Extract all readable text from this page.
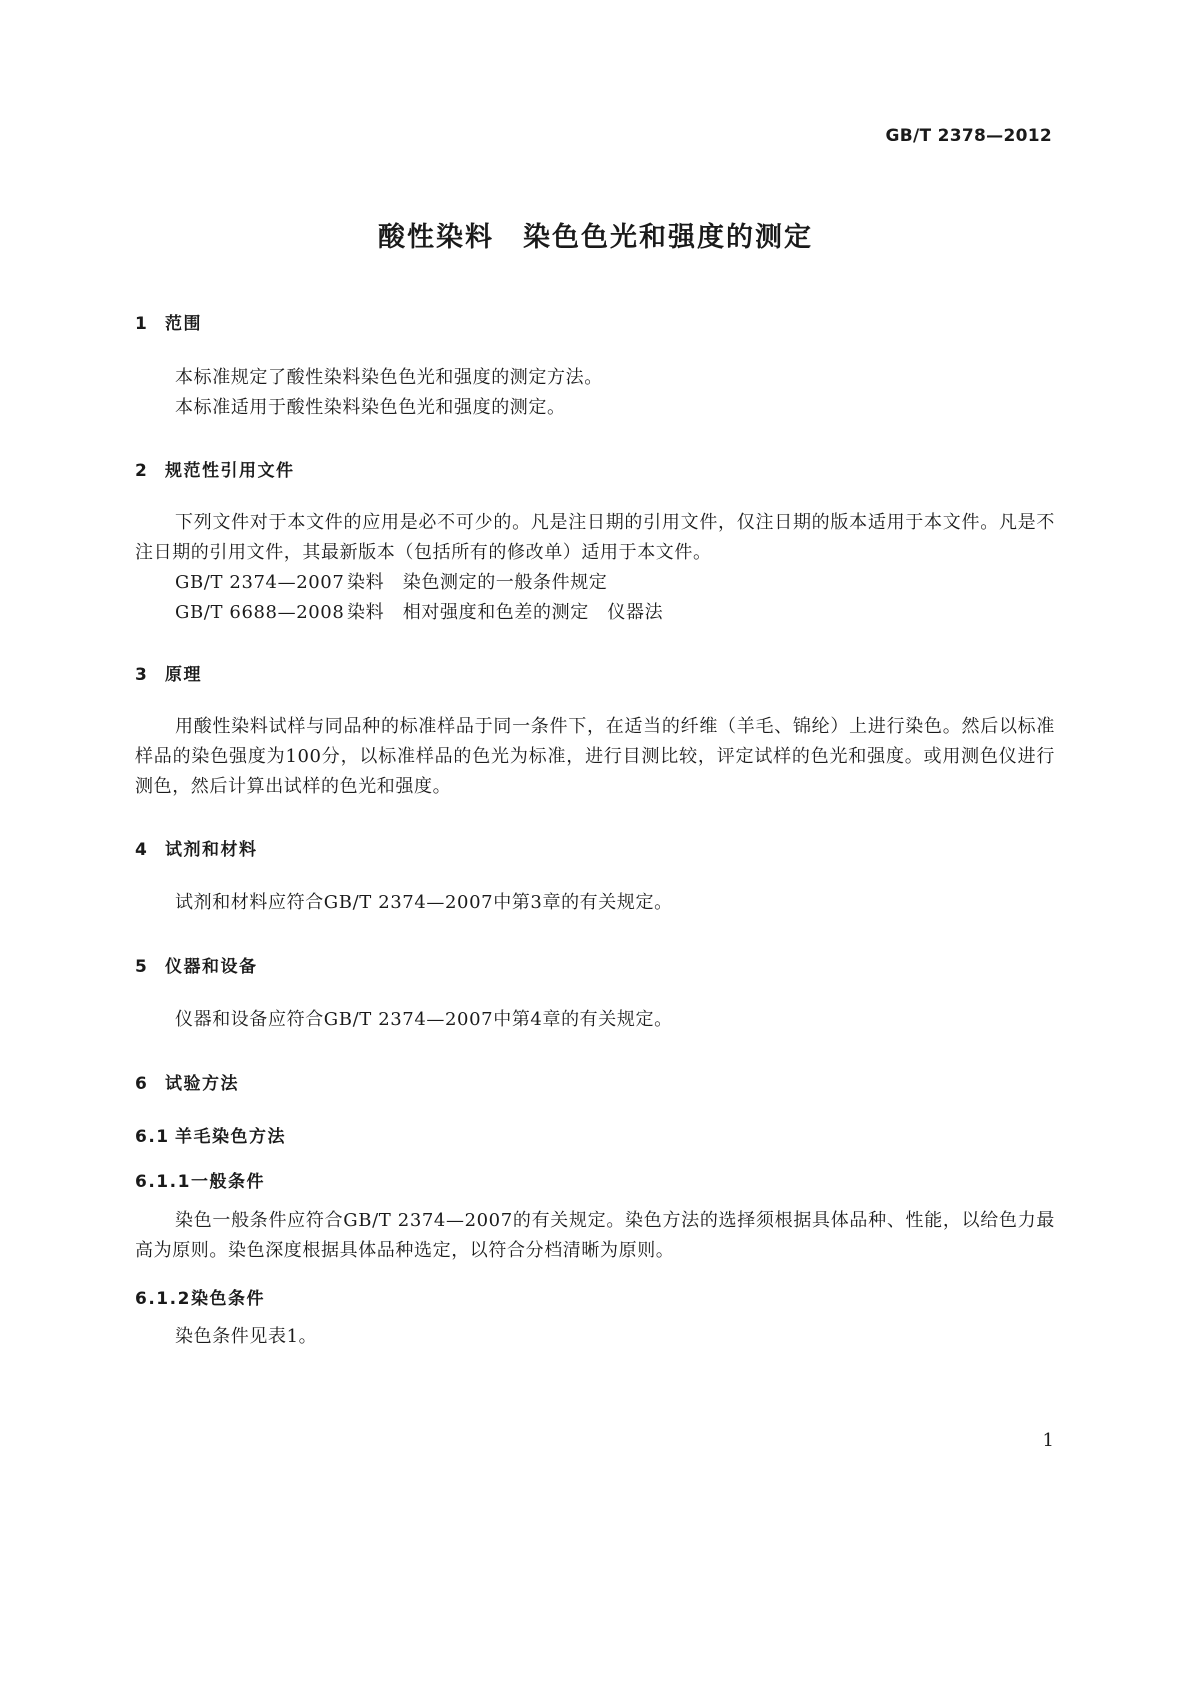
GB/T 2378—2012
酸性染料　染色色光和强度的测定
1 范围

本标准规定了酸性染料染色色光和强度的测定方法。

本标准适用于酸性染料染色色光和强度的测定。

2 规范性引用文件

下列文件对于本文件的应用是必不可少的。凡是注日期的引用文件，仅注日期的版本适用于本文件。凡是不注日期的引用文件，其最新版本（包括所有的修改单）适用于本文件。

GB/T 2374—2007 染料　染色测定的一般条件规定
GB/T 6688—2008 染料　相对强度和色差的测定　仪器法
3 原理

用酸性染料试样与同品种的标准样品于同一条件下，在适当的纤维（羊毛、锦纶）上进行染色。然后以标准样品的染色强度为100分，以标准样品的色光为标准，进行目测比较，评定试样的色光和强度。或用测色仪进行测色，然后计算出试样的色光和强度。

4 试剂和材料

试剂和材料应符合GB/T 2374—2007中第3章的有关规定。

5 仪器和设备

仪器和设备应符合GB/T 2374—2007中第4章的有关规定。

6 试验方法
6.1 羊毛染色方法
6.1.1一般条件

染色一般条件应符合GB/T 2374—2007的有关规定。染色方法的选择须根据具体品种、性能，以给色力最高为原则。染色深度根据具体品种选定，以符合分档清晰为原则。

6.1.2染色条件

染色条件见表1。

1
